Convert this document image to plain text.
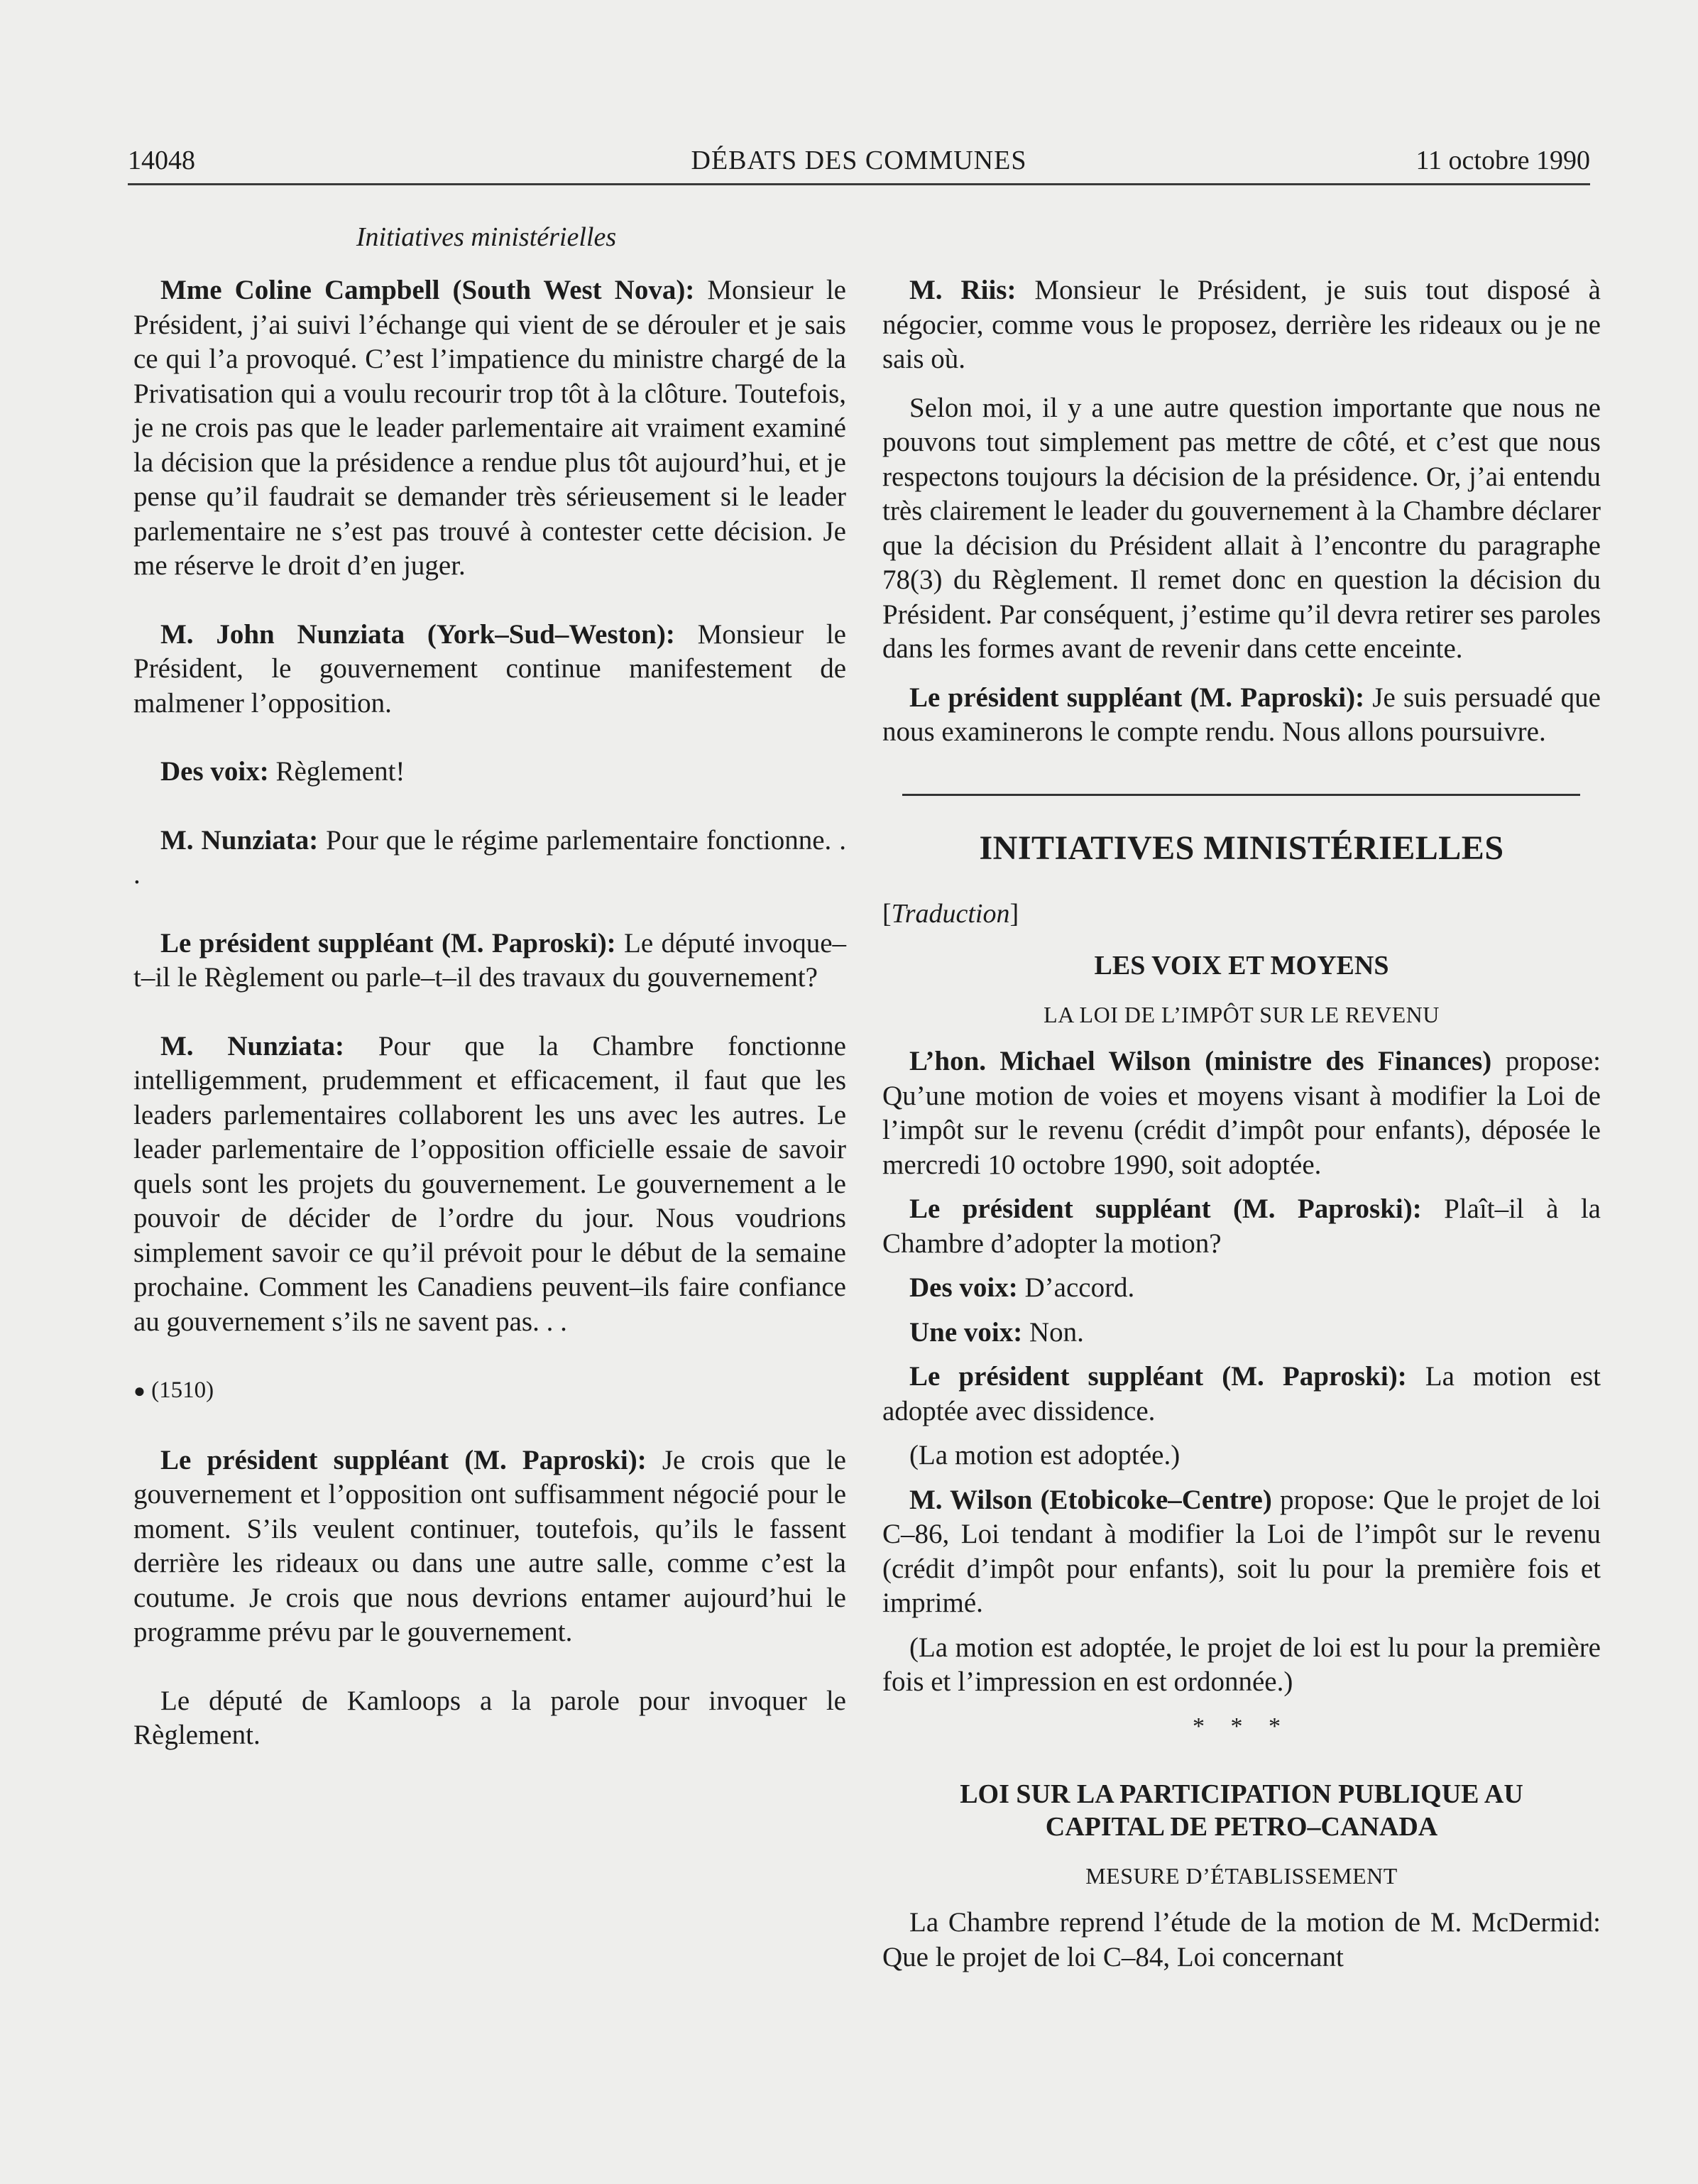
14048	DÉBATS DES COMMUNES	11 octobre 1990
Initiatives ministérielles

Mme Coline Campbell (South West Nova): Monsieur le Président, j’ai suivi l’échange qui vient de se dérouler et je sais ce qui l’a provoqué. C’est l’impatience du ministre chargé de la Privatisation qui a voulu recourir trop tôt à la clôture. Toutefois, je ne crois pas que le leader parlementaire ait vraiment examiné la décision que la présidence a rendue plus tôt aujourd’hui, et je pense qu’il faudrait se demander très sérieusement si le leader parlementaire ne s’est pas trouvé à contester cette décision. Je me réserve le droit d’en juger.

M. John Nunziata (York–Sud–Weston): Monsieur le Président, le gouvernement continue manifestement de malmener l’opposition.

Des voix: Règlement!

M. Nunziata: Pour que le régime parlementaire fonctionne. . .

Le président suppléant (M. Paproski): Le député invoque–t–il le Règlement ou parle–t–il des travaux du gouvernement?

M. Nunziata: Pour que la Chambre fonctionne intelligemment, prudemment et efficacement, il faut que les leaders parlementaires collaborent les uns avec les autres. Le leader parlementaire de l’opposition officielle essaie de savoir quels sont les projets du gouvernement. Le gouvernement a le pouvoir de décider de l’ordre du jour. Nous voudrions simplement savoir ce qu’il prévoit pour le début de la semaine prochaine. Comment les Canadiens peuvent–ils faire confiance au gouvernement s’ils ne savent pas. . .

● (1510)

Le président suppléant (M. Paproski): Je crois que le gouvernement et l’opposition ont suffisamment négocié pour le moment. S’ils veulent continuer, toutefois, qu’ils le fassent derrière les rideaux ou dans une autre salle, comme c’est la coutume. Je crois que nous devrions entamer aujourd’hui le programme prévu par le gouvernement.

Le député de Kamloops a la parole pour invoquer le Règlement.

M. Riis: Monsieur le Président, je suis tout disposé à négocier, comme vous le proposez, derrière les rideaux ou je ne sais où.

Selon moi, il y a une autre question importante que nous ne pouvons tout simplement pas mettre de côté, et c’est que nous respectons toujours la décision de la présidence. Or, j’ai entendu très clairement le leader du gouvernement à la Chambre déclarer que la décision du Président allait à l’encontre du paragraphe 78(3) du Règlement. Il remet donc en question la décision du Président. Par conséquent, j’estime qu’il devra retirer ses paroles dans les formes avant de revenir dans cette enceinte.

Le président suppléant (M. Paproski): Je suis persuadé que nous examinerons le compte rendu. Nous allons poursuivre.

INITIATIVES MINISTÉRIELLES

[Traduction]

LES VOIX ET MOYENS
LA LOI DE L’IMPÔT SUR LE REVENU

L’hon. Michael Wilson (ministre des Finances) propose: Qu’une motion de voies et moyens visant à modifier la Loi de l’impôt sur le revenu (crédit d’impôt pour enfants), déposée le mercredi 10 octobre 1990, soit adoptée.

Le président suppléant (M. Paproski): Plaît–il à la Chambre d’adopter la motion?

Des voix: D’accord.

Une voix: Non.

Le président suppléant (M. Paproski): La motion est adoptée avec dissidence.

(La motion est adoptée.)

M. Wilson (Etobicoke–Centre) propose: Que le projet de loi C–86, Loi tendant à modifier la Loi de l’impôt sur le revenu (crédit d’impôt pour enfants), soit lu pour la première fois et imprimé.

(La motion est adoptée, le projet de loi est lu pour la première fois et l’impression en est ordonnée.)

* * *

LOI SUR LA PARTICIPATION PUBLIQUE AU
CAPITAL DE PETRO–CANADA
MESURE D’ÉTABLISSEMENT

La Chambre reprend l’étude de la motion de M. McDermid: Que le projet de loi C–84, Loi concernant
